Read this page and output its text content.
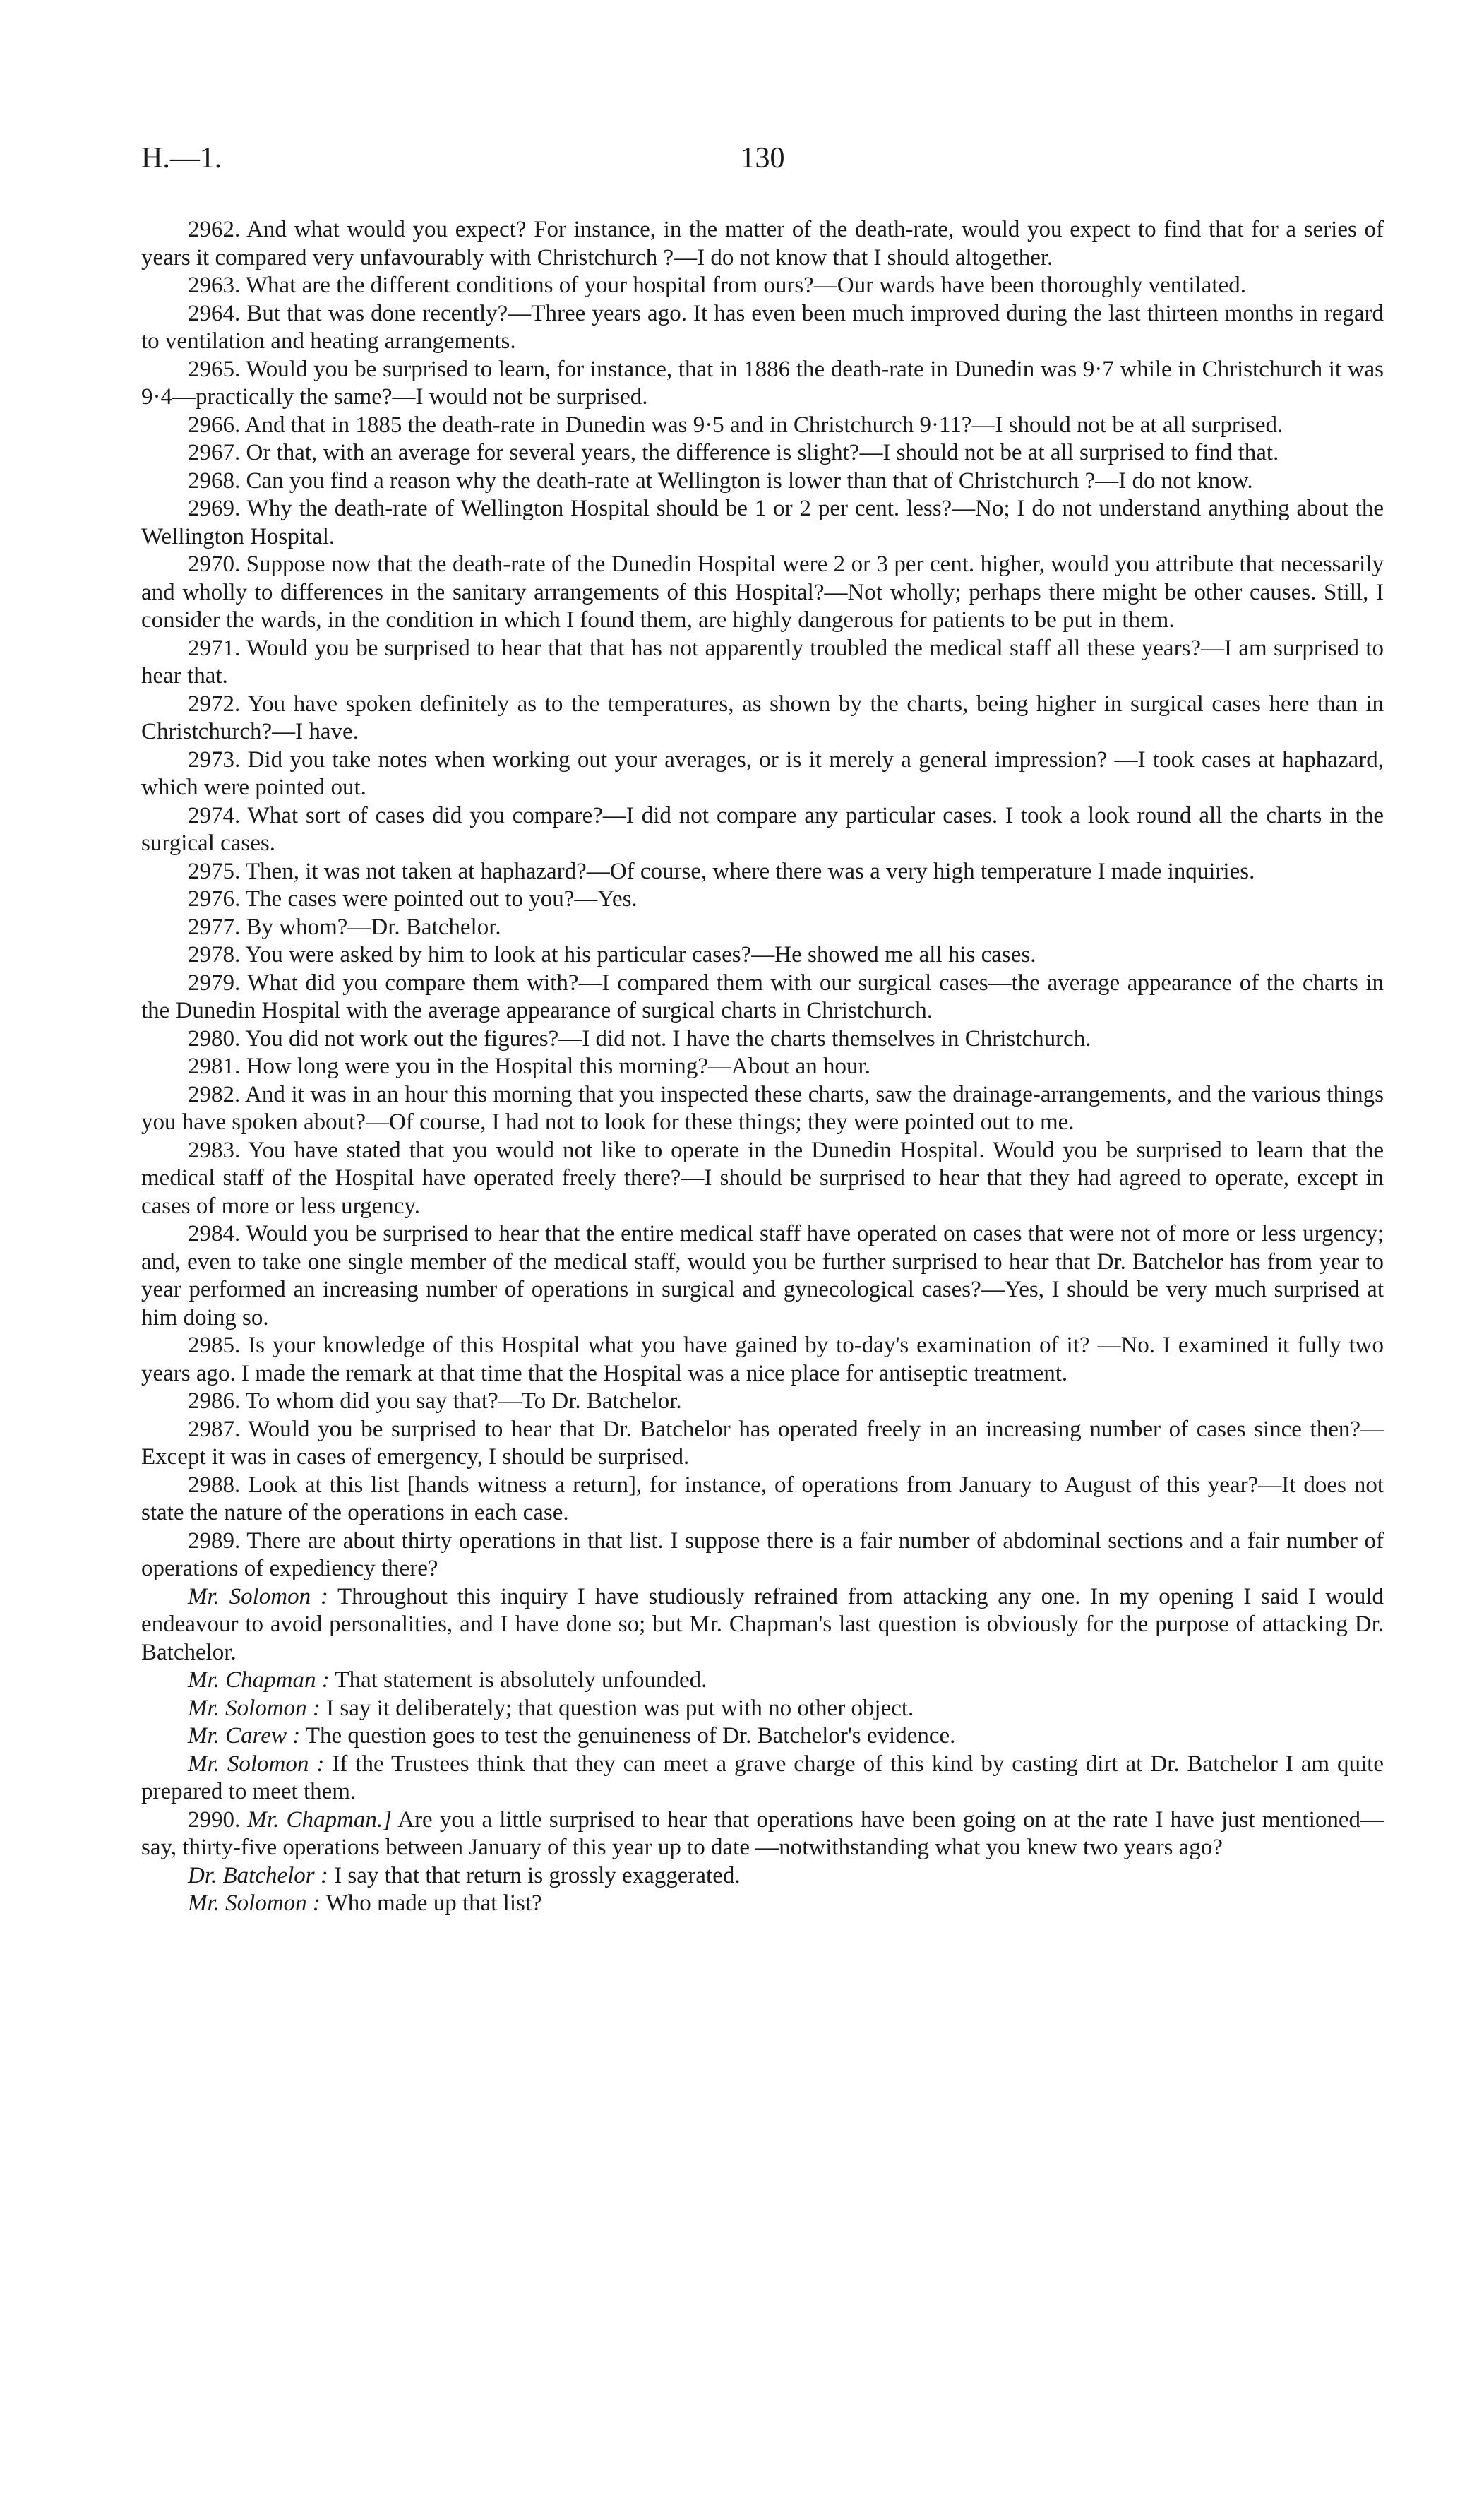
H.—1.	130

2962. And what would you expect? For instance, in the matter of the death-rate, would you expect to find that for a series of years it compared very unfavourably with Christchurch ?—I do not know that I should altogether.

2963. What are the different conditions of your hospital from ours?—Our wards have been thoroughly ventilated.

2964. But that was done recently?—Three years ago. It has even been much improved during the last thirteen months in regard to ventilation and heating arrangements.

2965. Would you be surprised to learn, for instance, that in 1886 the death-rate in Dunedin was 9·7 while in Christchurch it was 9·4—practically the same?—I would not be surprised.

2966. And that in 1885 the death-rate in Dunedin was 9·5 and in Christchurch 9·11?—I should not be at all surprised.

2967. Or that, with an average for several years, the difference is slight?—I should not be at all surprised to find that.

2968. Can you find a reason why the death-rate at Wellington is lower than that of Christchurch ?—I do not know.

2969. Why the death-rate of Wellington Hospital should be 1 or 2 per cent. less?—No; I do not understand anything about the Wellington Hospital.

2970. Suppose now that the death-rate of the Dunedin Hospital were 2 or 3 per cent. higher, would you attribute that necessarily and wholly to differences in the sanitary arrangements of this Hospital?—Not wholly; perhaps there might be other causes. Still, I consider the wards, in the condition in which I found them, are highly dangerous for patients to be put in them.

2971. Would you be surprised to hear that that has not apparently troubled the medical staff all these years?—I am surprised to hear that.

2972. You have spoken definitely as to the temperatures, as shown by the charts, being higher in surgical cases here than in Christchurch?—I have.

2973. Did you take notes when working out your averages, or is it merely a general impression? —I took cases at haphazard, which were pointed out.

2974. What sort of cases did you compare?—I did not compare any particular cases. I took a look round all the charts in the surgical cases.

2975. Then, it was not taken at haphazard?—Of course, where there was a very high temperature I made inquiries.

2976. The cases were pointed out to you?—Yes.

2977. By whom?—Dr. Batchelor.

2978. You were asked by him to look at his particular cases?—He showed me all his cases.

2979. What did you compare them with?—I compared them with our surgical cases—the average appearance of the charts in the Dunedin Hospital with the average appearance of surgical charts in Christchurch.

2980. You did not work out the figures?—I did not. I have the charts themselves in Christchurch.

2981. How long were you in the Hospital this morning?—About an hour.

2982. And it was in an hour this morning that you inspected these charts, saw the drainage-arrangements, and the various things you have spoken about?—Of course, I had not to look for these things; they were pointed out to me.

2983. You have stated that you would not like to operate in the Dunedin Hospital. Would you be surprised to learn that the medical staff of the Hospital have operated freely there?—I should be surprised to hear that they had agreed to operate, except in cases of more or less urgency.

2984. Would you be surprised to hear that the entire medical staff have operated on cases that were not of more or less urgency; and, even to take one single member of the medical staff, would you be further surprised to hear that Dr. Batchelor has from year to year performed an increasing number of operations in surgical and gynecological cases?—Yes, I should be very much surprised at him doing so.

2985. Is your knowledge of this Hospital what you have gained by to-day's examination of it? —No. I examined it fully two years ago. I made the remark at that time that the Hospital was a nice place for antiseptic treatment.

2986. To whom did you say that?—To Dr. Batchelor.

2987. Would you be surprised to hear that Dr. Batchelor has operated freely in an increasing number of cases since then?—Except it was in cases of emergency, I should be surprised.

2988. Look at this list [hands witness a return], for instance, of operations from January to August of this year?—It does not state the nature of the operations in each case.

2989. There are about thirty operations in that list. I suppose there is a fair number of abdominal sections and a fair number of operations of expediency there?

Mr. Solomon : Throughout this inquiry I have studiously refrained from attacking any one. In my opening I said I would endeavour to avoid personalities, and I have done so; but Mr. Chapman's last question is obviously for the purpose of attacking Dr. Batchelor.

Mr. Chapman : That statement is absolutely unfounded.

Mr. Solomon : I say it deliberately; that question was put with no other object.

Mr. Carew : The question goes to test the genuineness of Dr. Batchelor's evidence.

Mr. Solomon : If the Trustees think that they can meet a grave charge of this kind by casting dirt at Dr. Batchelor I am quite prepared to meet them.

2990. Mr. Chapman.] Are you a little surprised to hear that operations have been going on at the rate I have just mentioned—say, thirty-five operations between January of this year up to date —notwithstanding what you knew two years ago?

Dr. Batchelor : I say that that return is grossly exaggerated.

Mr. Solomon : Who made up that list?
